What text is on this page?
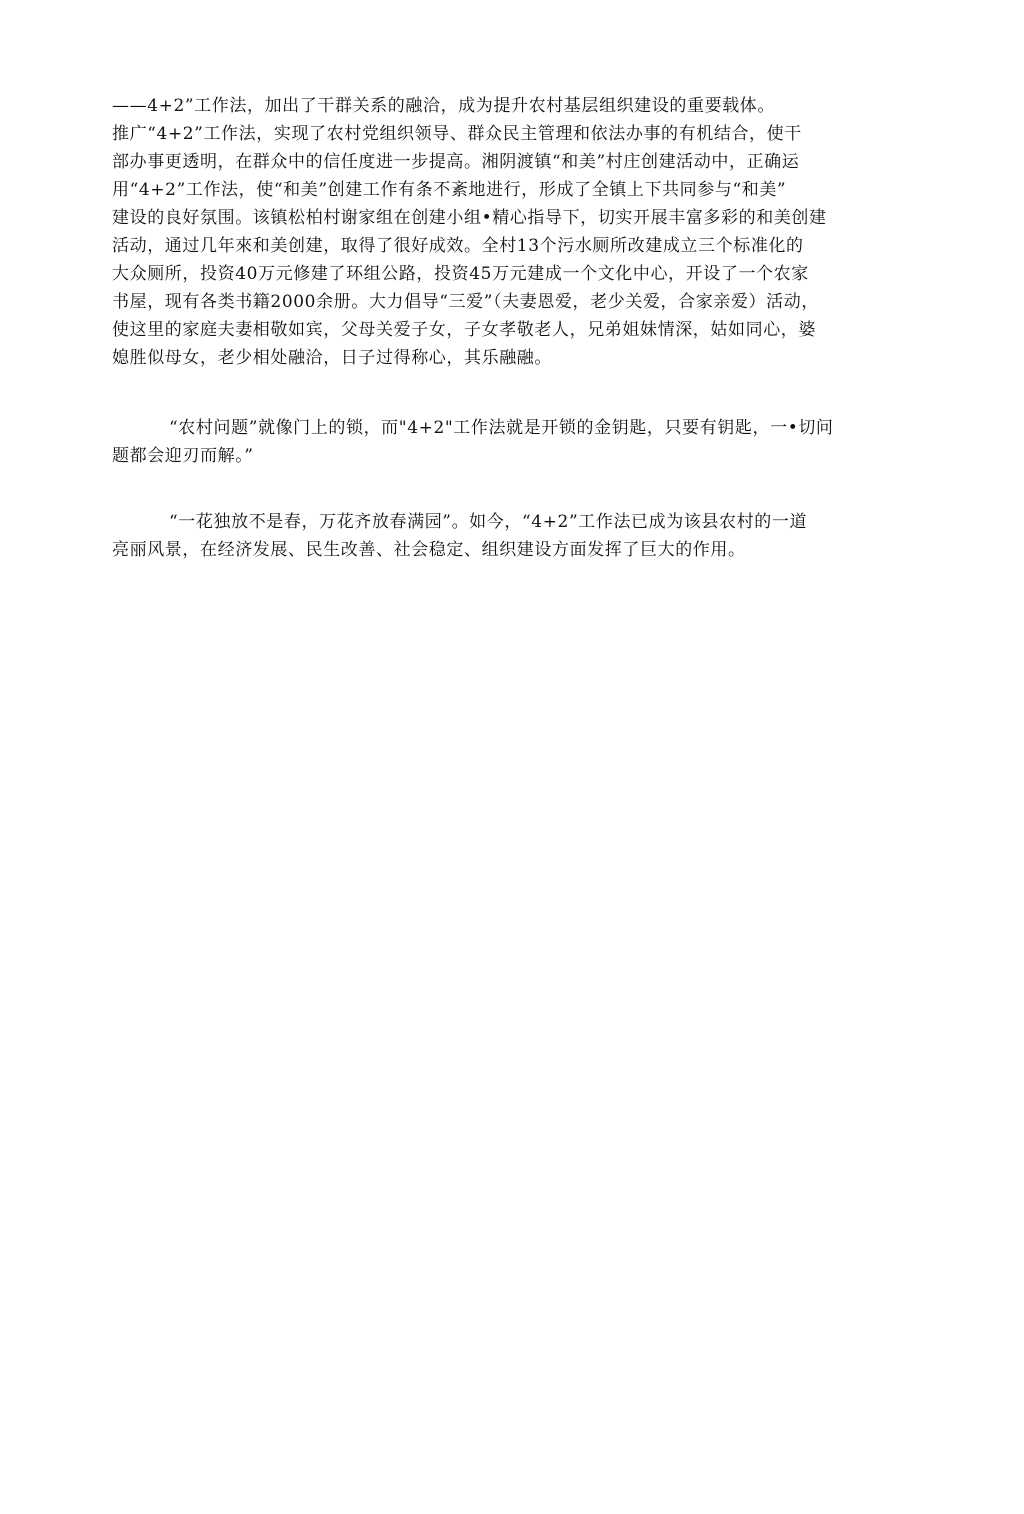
——4+2”工作法，加出了干群关系的融洽，成为提升农村基层组织建设的重要载体。
推广“4+2”工作法，实现了农村党组织领导、群众民主管理和依法办事的有机结合，使干
部办事更透明，在群众中的信任度进一步提高。湘阴渡镇“和美”村庄创建活动中，正确运
用“4+2”工作法，使“和美”创建工作有条不紊地进行，形成了全镇上下共同参与“和美”
建设的良好氛围。该镇松柏村谢家组在创建小组•精心指导下，切实开展丰富多彩的和美创建
活动，通过几年來和美创建，取得了很好成效。全村13个污水厕所改建成立三个标准化的
大众厕所，投资40万元修建了环组公路，投资45万元建成一个文化中心，开设了一个农家
书屋，现有各类书籍2000余册。大力倡导“三爱”（夫妻恩爱，老少关爱，合家亲爱）活动，
使这里的家庭夫妻相敬如宾，父母关爱子女，子女孝敬老人，兄弟姐妹情深，姑如同心，婆
媳胜似母女，老少相处融洽，日子过得称心，其乐融融。
“农村问题”就像门上的锁，而"4+2"工作法就是开锁的金钥匙，只要有钥匙，一•切问
题都会迎刃而解。”
“一花独放不是春，万花齐放春满园”。如今，“4+2”工作法已成为该县农村的一道
亮丽风景，在经济发展、民生改善、社会稳定、组织建设方面发挥了巨大的作用。
